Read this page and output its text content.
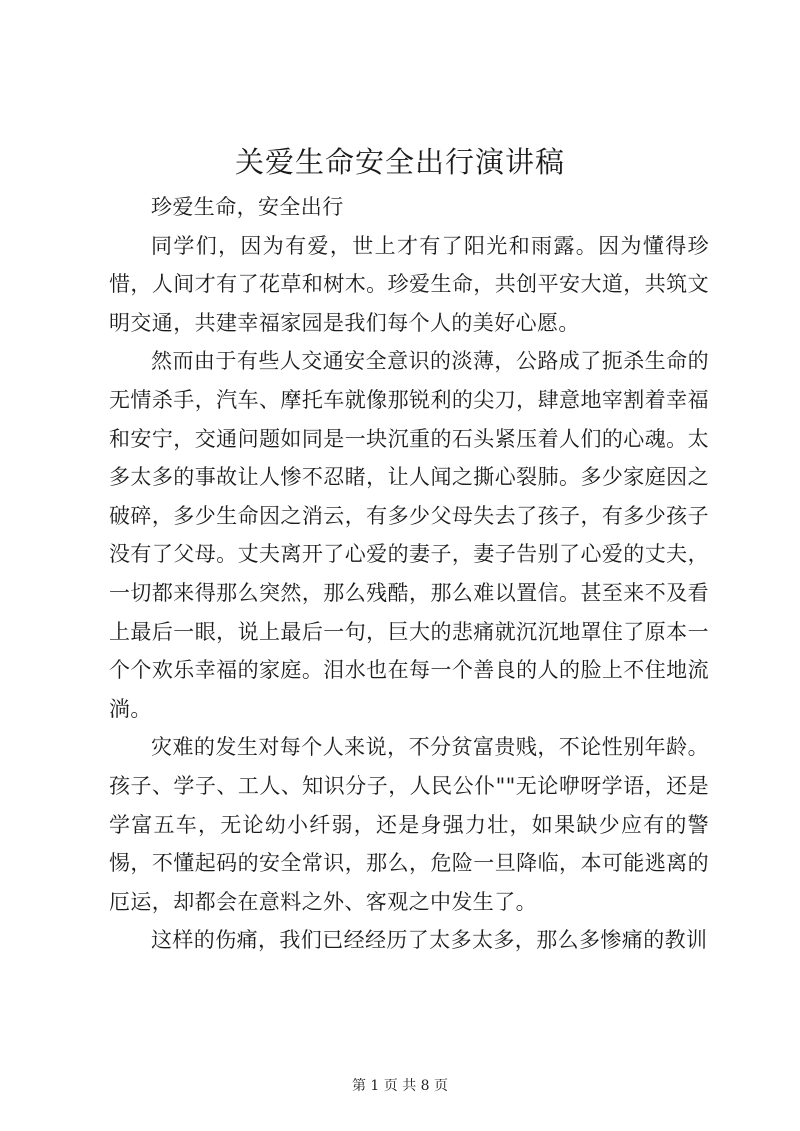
关爱生命安全出行演讲稿

珍爱生命，安全出行

同学们，因为有爱，世上才有了阳光和雨露。因为懂得珍惜，人间才有了花草和树木。珍爱生命，共创平安大道，共筑文明交通，共建幸福家园是我们每个人的美好心愿。

然而由于有些人交通安全意识的淡薄，公路成了扼杀生命的无情杀手，汽车、摩托车就像那锐利的尖刀，肆意地宰割着幸福和安宁，交通问题如同是一块沉重的石头紧压着人们的心魂。太多太多的事故让人惨不忍睹，让人闻之撕心裂肺。多少家庭因之破碎，多少生命因之消云，有多少父母失去了孩子，有多少孩子没有了父母。丈夫离开了心爱的妻子，妻子告别了心爱的丈夫，一切都来得那么突然，那么残酷，那么难以置信。甚至来不及看上最后一眼，说上最后一句，巨大的悲痛就沉沉地罩住了原本一个个欢乐幸福的家庭。泪水也在每一个善良的人的脸上不住地流淌。

灾难的发生对每个人来说，不分贫富贵贱，不论性别年龄。孩子、学子、工人、知识分子，人民公仆""无论咿呀学语，还是学富五车，无论幼小纤弱，还是身强力壮，如果缺少应有的警惕，不懂起码的安全常识，那么，危险一旦降临，本可能逃离的厄运，却都会在意料之外、客观之中发生了。

这样的伤痛，我们已经经历了太多太多，那么多惨痛的教训

第 1 页 共 8 页
